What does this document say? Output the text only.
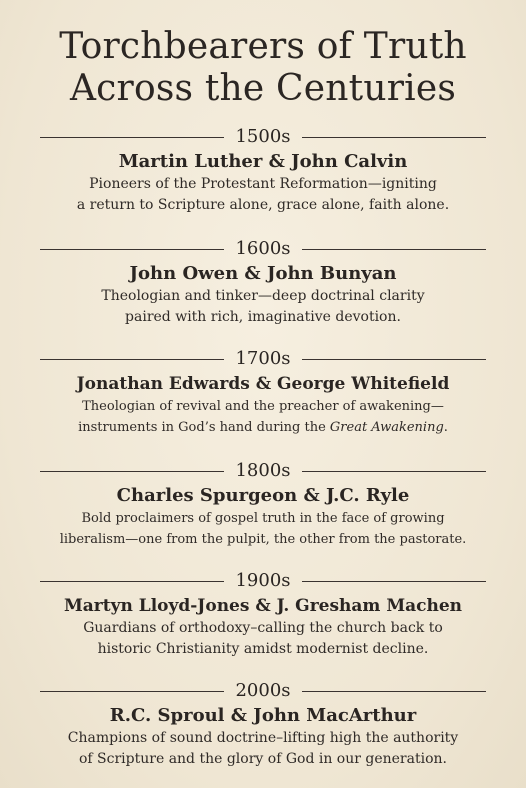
Torchbearers of Truth
Across the Centuries
1500s
Martin Luther & John Calvin
Pioneers of the Protestant Reformation—igniting
a return to Scripture alone, grace alone, faith alone.
1600s
John Owen & John Bunyan
Theologian and tinker—deep doctrinal clarity
paired with rich, imaginative devotion.
1700s
Jonathan Edwards & George Whitefield
Theologian of revival and the preacher of awakening—
instruments in God’s hand during the Great Awakening.
1800s
Charles Spurgeon & J.C. Ryle
Bold proclaimers of gospel truth in the face of growing
liberalism—one from the pulpit, the other from the pastorate.
1900s
Martyn Lloyd-Jones & J. Gresham Machen
Guardians of orthodoxy–calling the church back to
historic Christianity amidst modernist decline.
2000s
R.C. Sproul & John MacArthur
Champions of sound doctrine–lifting high the authority
of Scripture and the glory of God in our generation.
